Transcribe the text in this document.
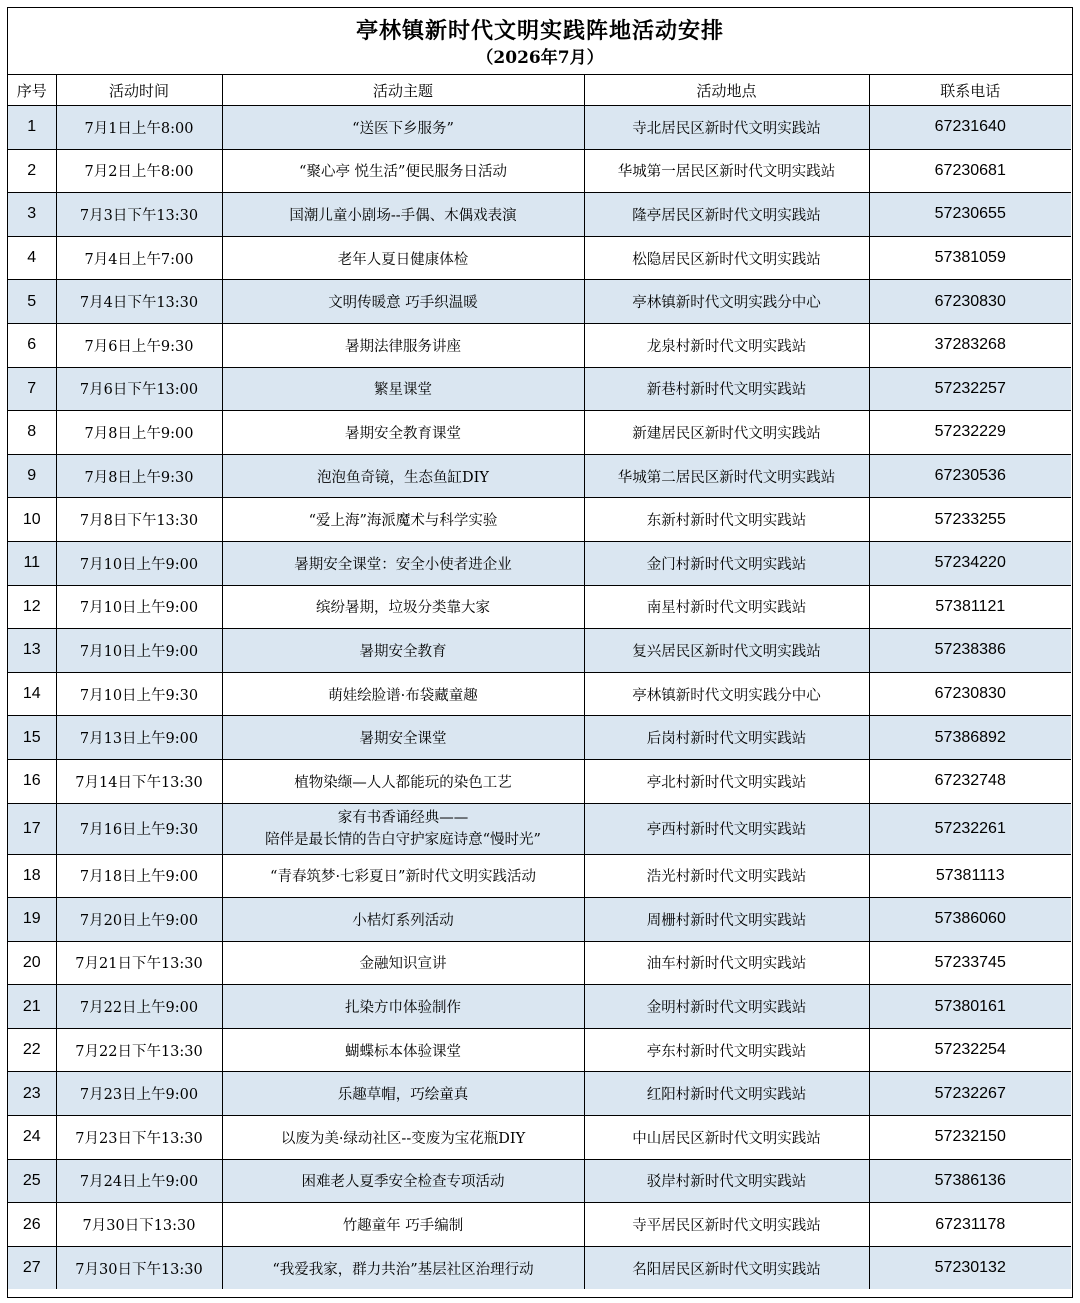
亭林镇新时代文明实践阵地活动安排
（2026年7月）
序号	活动时间	活动主题	活动地点	联系电话
1	7月1日上午8:00	“送医下乡服务”	寺北居民区新时代文明实践站	67231640
2	7月2日上午8:00	“聚心亭 悦生活”便民服务日活动	华城第一居民区新时代文明实践站	67230681
3	7月3日下午13:30	国潮儿童小剧场--手偶、木偶戏表演	隆亭居民区新时代文明实践站	57230655
4	7月4日上午7:00	老年人夏日健康体检	松隐居民区新时代文明实践站	57381059
5	7月4日下午13:30	文明传暖意 巧手织温暖	亭林镇新时代文明实践分中心	67230830
6	7月6日上午9:30	暑期法律服务讲座	龙泉村新时代文明实践站	37283268
7	7月6日下午13:00	繁星课堂	新巷村新时代文明实践站	57232257
8	7月8日上午9:00	暑期安全教育课堂	新建居民区新时代文明实践站	57232229
9	7月8日上午9:30	泡泡鱼奇镜，生态鱼缸DIY	华城第二居民区新时代文明实践站	67230536
10	7月8日下午13:30	“爱上海”海派魔术与科学实验	东新村新时代文明实践站	57233255
11	7月10日上午9:00	暑期安全课堂：安全小使者进企业	金门村新时代文明实践站	57234220
12	7月10日上午9:00	缤纷暑期，垃圾分类靠大家	南星村新时代文明实践站	57381121
13	7月10日上午9:00	暑期安全教育	复兴居民区新时代文明实践站	57238386
14	7月10日上午9:30	萌娃绘脸谱·布袋藏童趣	亭林镇新时代文明实践分中心	67230830
15	7月13日上午9:00	暑期安全课堂	后岗村新时代文明实践站	57386892
16	7月14日下午13:30	植物染缬—人人都能玩的染色工艺	亭北村新时代文明实践站	67232748
17	7月16日上午9:30	家有书香诵经典——
陪伴是最长情的告白守护家庭诗意“慢时光”	亭西村新时代文明实践站	57232261
18	7月18日上午9:00	“青春筑梦·七彩夏日”新时代文明实践活动	浩光村新时代文明实践站	57381113
19	7月20日上午9:00	小桔灯系列活动	周栅村新时代文明实践站	57386060
20	7月21日下午13:30	金融知识宣讲	油车村新时代文明实践站	57233745
21	7月22日上午9:00	扎染方巾体验制作	金明村新时代文明实践站	57380161
22	7月22日下午13:30	蝴蝶标本体验课堂	亭东村新时代文明实践站	57232254
23	7月23日上午9:00	乐趣草帽，巧绘童真	红阳村新时代文明实践站	57232267
24	7月23日下午13:30	以废为美·绿动社区--变废为宝花瓶DIY	中山居民区新时代文明实践站	57232150
25	7月24日上午9:00	困难老人夏季安全检查专项活动	驳岸村新时代文明实践站	57386136
26	7月30日下13:30	竹趣童年 巧手编制	寺平居民区新时代文明实践站	67231178
27	7月30日下午13:30	“我爱我家，群力共治”基层社区治理行动	名阳居民区新时代文明实践站	57230132
